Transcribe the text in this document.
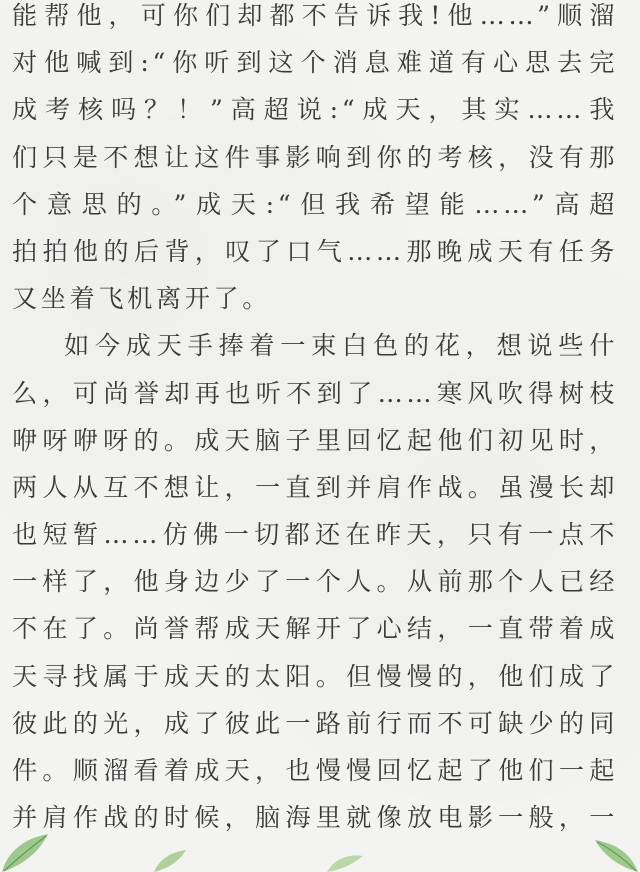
能帮他，可你们却都不告诉我!他……”顺溜
对他喊到:“你听到这个消息难道有心思去完
成考核吗？！”高超说:“成天，其实……我
们只是不想让这件事影响到你的考核，没有那
个意思的。”成天:“但我希望能……”高超
拍拍他的后背，叹了口气……那晚成天有任务
又坐着飞机离开了。
如今成天手捧着一束白色的花，想说些什
么，可尚誉却再也听不到了……寒风吹得树枝
咿呀咿呀的。成天脑子里回忆起他们初见时，
两人从互不想让，一直到并肩作战。虽漫长却
也短暂……仿佛一切都还在昨天，只有一点不
一样了，他身边少了一个人。从前那个人已经
不在了。尚誉帮成天解开了心结，一直带着成
天寻找属于成天的太阳。但慢慢的，他们成了
彼此的光，成了彼此一路前行而不可缺少的同
件。顺溜看着成天，也慢慢回忆起了他们一起
并肩作战的时候，脑海里就像放电影一般，一
